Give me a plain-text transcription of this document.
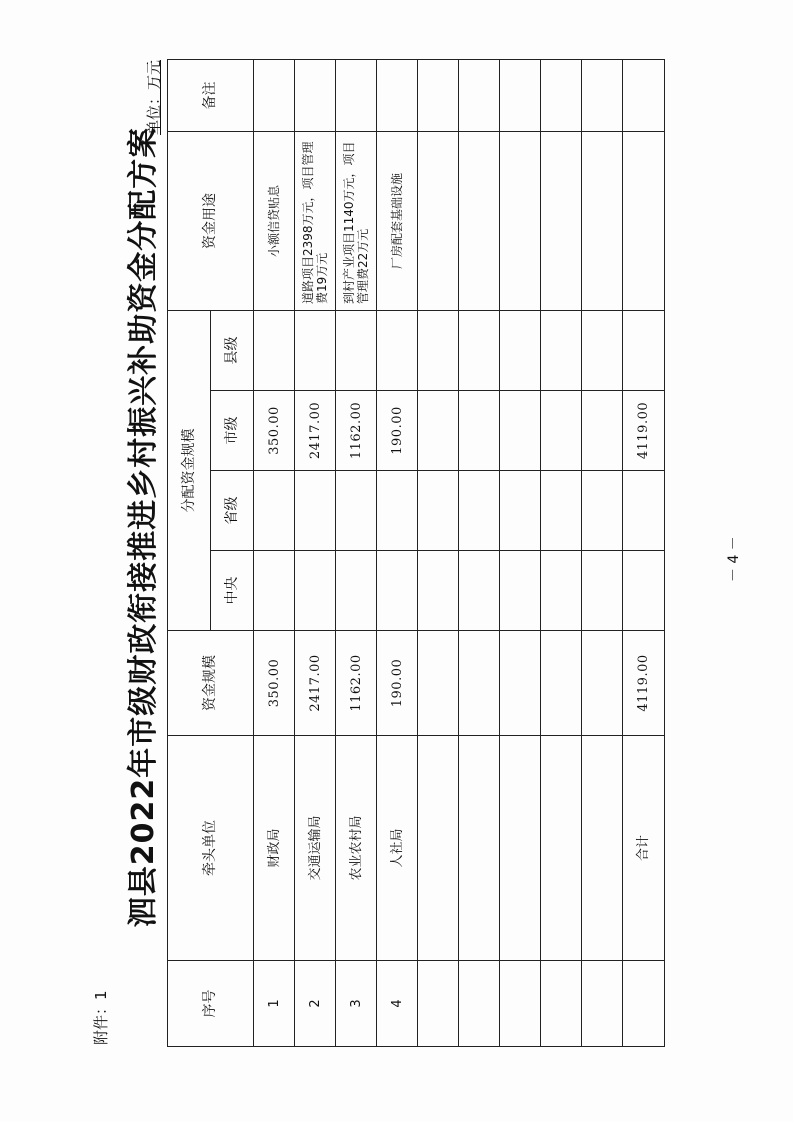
附件：1
泗县2022年市级财政衔接推进乡村振兴补助资金分配方案
单位：万元
序号	牵头单位	资金规模	分配资金规模				资金用途	备注
			中央	省级	市级	县级		
1	财政局	350.00			350.00		小额信贷贴息	
2	交通运输局	2417.00			2417.00		道路项目2398万元，项目管理费19万元	
3	农业农村局	1162.00			1162.00		到村产业项目1140万元，项目管理费22万元	
4	人社局	190.00			190.00		厂房配套基础设施	

	合计	4119.00			4119.00			
－ 4 －
